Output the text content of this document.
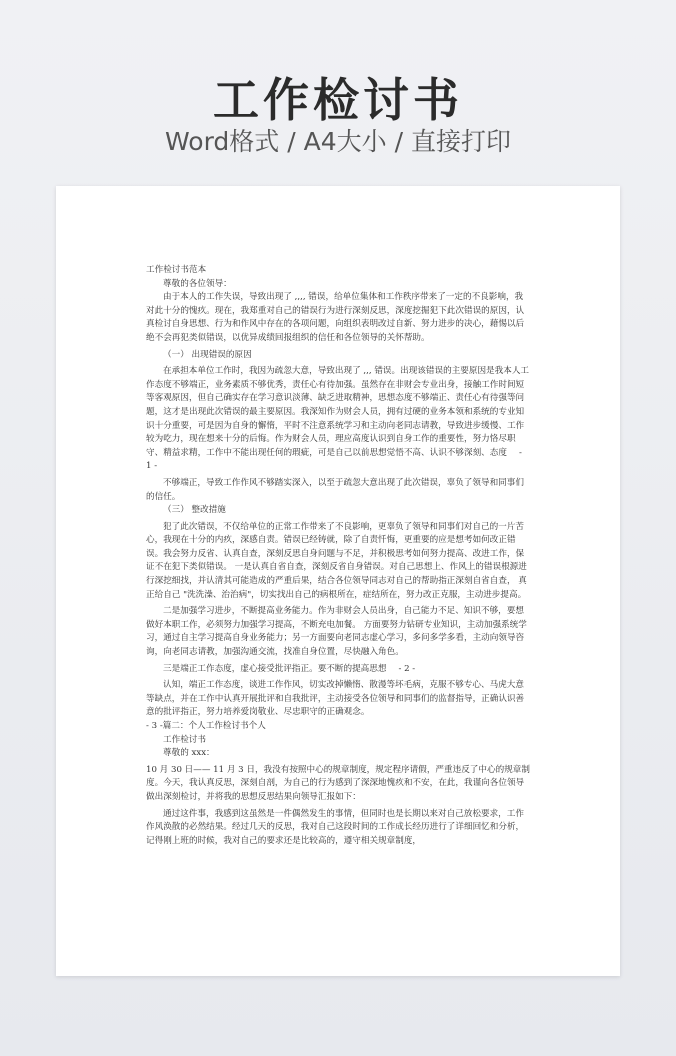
工作检讨书
Word格式 / A4大小 / 直接打印

工作检讨书范本

尊敬的各位领导：

由于本人的工作失误，导致出现了 ,,,, 错误，给单位集体和工作秩序带来了一定的不良影响，我对此十分的愧疚。现在，我郑重对自己的错误行为进行深刻反思，深度挖掘犯下此次错误的原因，认真检讨自身思想、行为和作风中存在的各项问题，向组织表明改过自新、努力进步的决心，藉惕以后绝不会再犯类似错误，以优异成绩回报组织的信任和各位领导的关怀帮助。

（一） 出现错误的原因

在承担本单位工作时，我因为疏忽大意，导致出现了 ,,, 错误。出现该错误的主要原因是我本人工作态度不够端正，业务素质不够优秀，责任心有待加强。虽然存在非财会专业出身，接触工作时间短等客观原因，但自己确实存在学习意识淡薄、缺乏进取精神，思想态度不够端正、责任心有待强等问题，这才是出现此次错误的最主要原因。我深知作为财会人员，拥有过硬的业务本领和系统的专业知识十分重要，可是因为自身的懈惰，平时不注意系统学习和主动向老同志请教，导致进步缓慢、工作较为吃力，现在想来十分的后悔。作为财会人员，理应高度认识到自身工作的重要性，努力恪尽职守、精益求精，工作中不能出现任何的瑕疵，可是自己以前思想觉悟不高、认识不够深刻、态度 - 1 -

不够端正，导致工作作风不够踏实深入，以至于疏忽大意出现了此次错误，辜负了领导和同事们的信任。

（三） 整改措施

犯了此次错误，不仅给单位的正常工作带来了不良影响，更辜负了领导和同事们对自己的一片苦心，我现在十分的内疚，深感自责。错误已经铸就，除了自责忏悔，更重要的应是想考如何改正错误。我会努力反省、认真自查，深刻反思自身问题与不足，并积极思考如何努力提高、改进工作，保证不在犯下类似错误。 一是认真自省自查，深刻反省自身错误。对自己思想上、作风上的错误根源进行深挖细找，并认清其可能造成的严重后果，结合各位领导同志对自己的帮助指正深刻自省自查， 真正给自己 "洗洗澡、治治病"，切实找出自己的病根所在，症结所在，努力改正克服，主动进步提高。

二是加强学习进步，不断提高业务能力。作为非财会人员出身，自己能力不足、知识不够，要想做好本职工作，必须努力加强学习提高，不断充电加餐。 方面要努力钻研专业知识，主动加强系统学习，通过自主学习提高自身业务能力；另一方面要向老同志虚心学习，多问多学多看，主动向领导咨询，向老同志请教，加强沟通交流，找准自身位置，尽快融入角色。

三是端正工作态度，虚心接受批评指正。要不断的提高思想 - 2 -

认知，端正工作态度，谈进工作作风，切实改掉懒惰、散漫等坏毛病，克服不够专心、马虎大意等缺点，并在工作中认真开展批评和自我批评，主动接受各位领导和同事们的监督指导，正确认识善意的批评指正，努力培养爱岗敬业、尽忠职守的正确观念。

- 3 -篇二：个人工作检讨书个人

工作检讨书

尊敬的 xxx：

10 月 30 日—— 11 月 3 日，我没有按照中心的规章制度，规定程序请假，严重违反了中心的规章制度。今天，我认真反思，深刻自剖，为自己的行为感到了深深地愧疚和不安，在此，我谨向各位领导做出深刻检讨，并将我的思想反思结果向领导汇报如下：

通过这件事，我感到这虽然是一件偶然发生的事情，但同时也是长期以来对自己放松要求，工作作风涣散的必然结果。经过几天的反思，我对自己这段时间的工作成长经历进行了详细回忆和分析，记得刚上班的时候，我对自己的要求还是比较高的，遵守相关规章制度，
